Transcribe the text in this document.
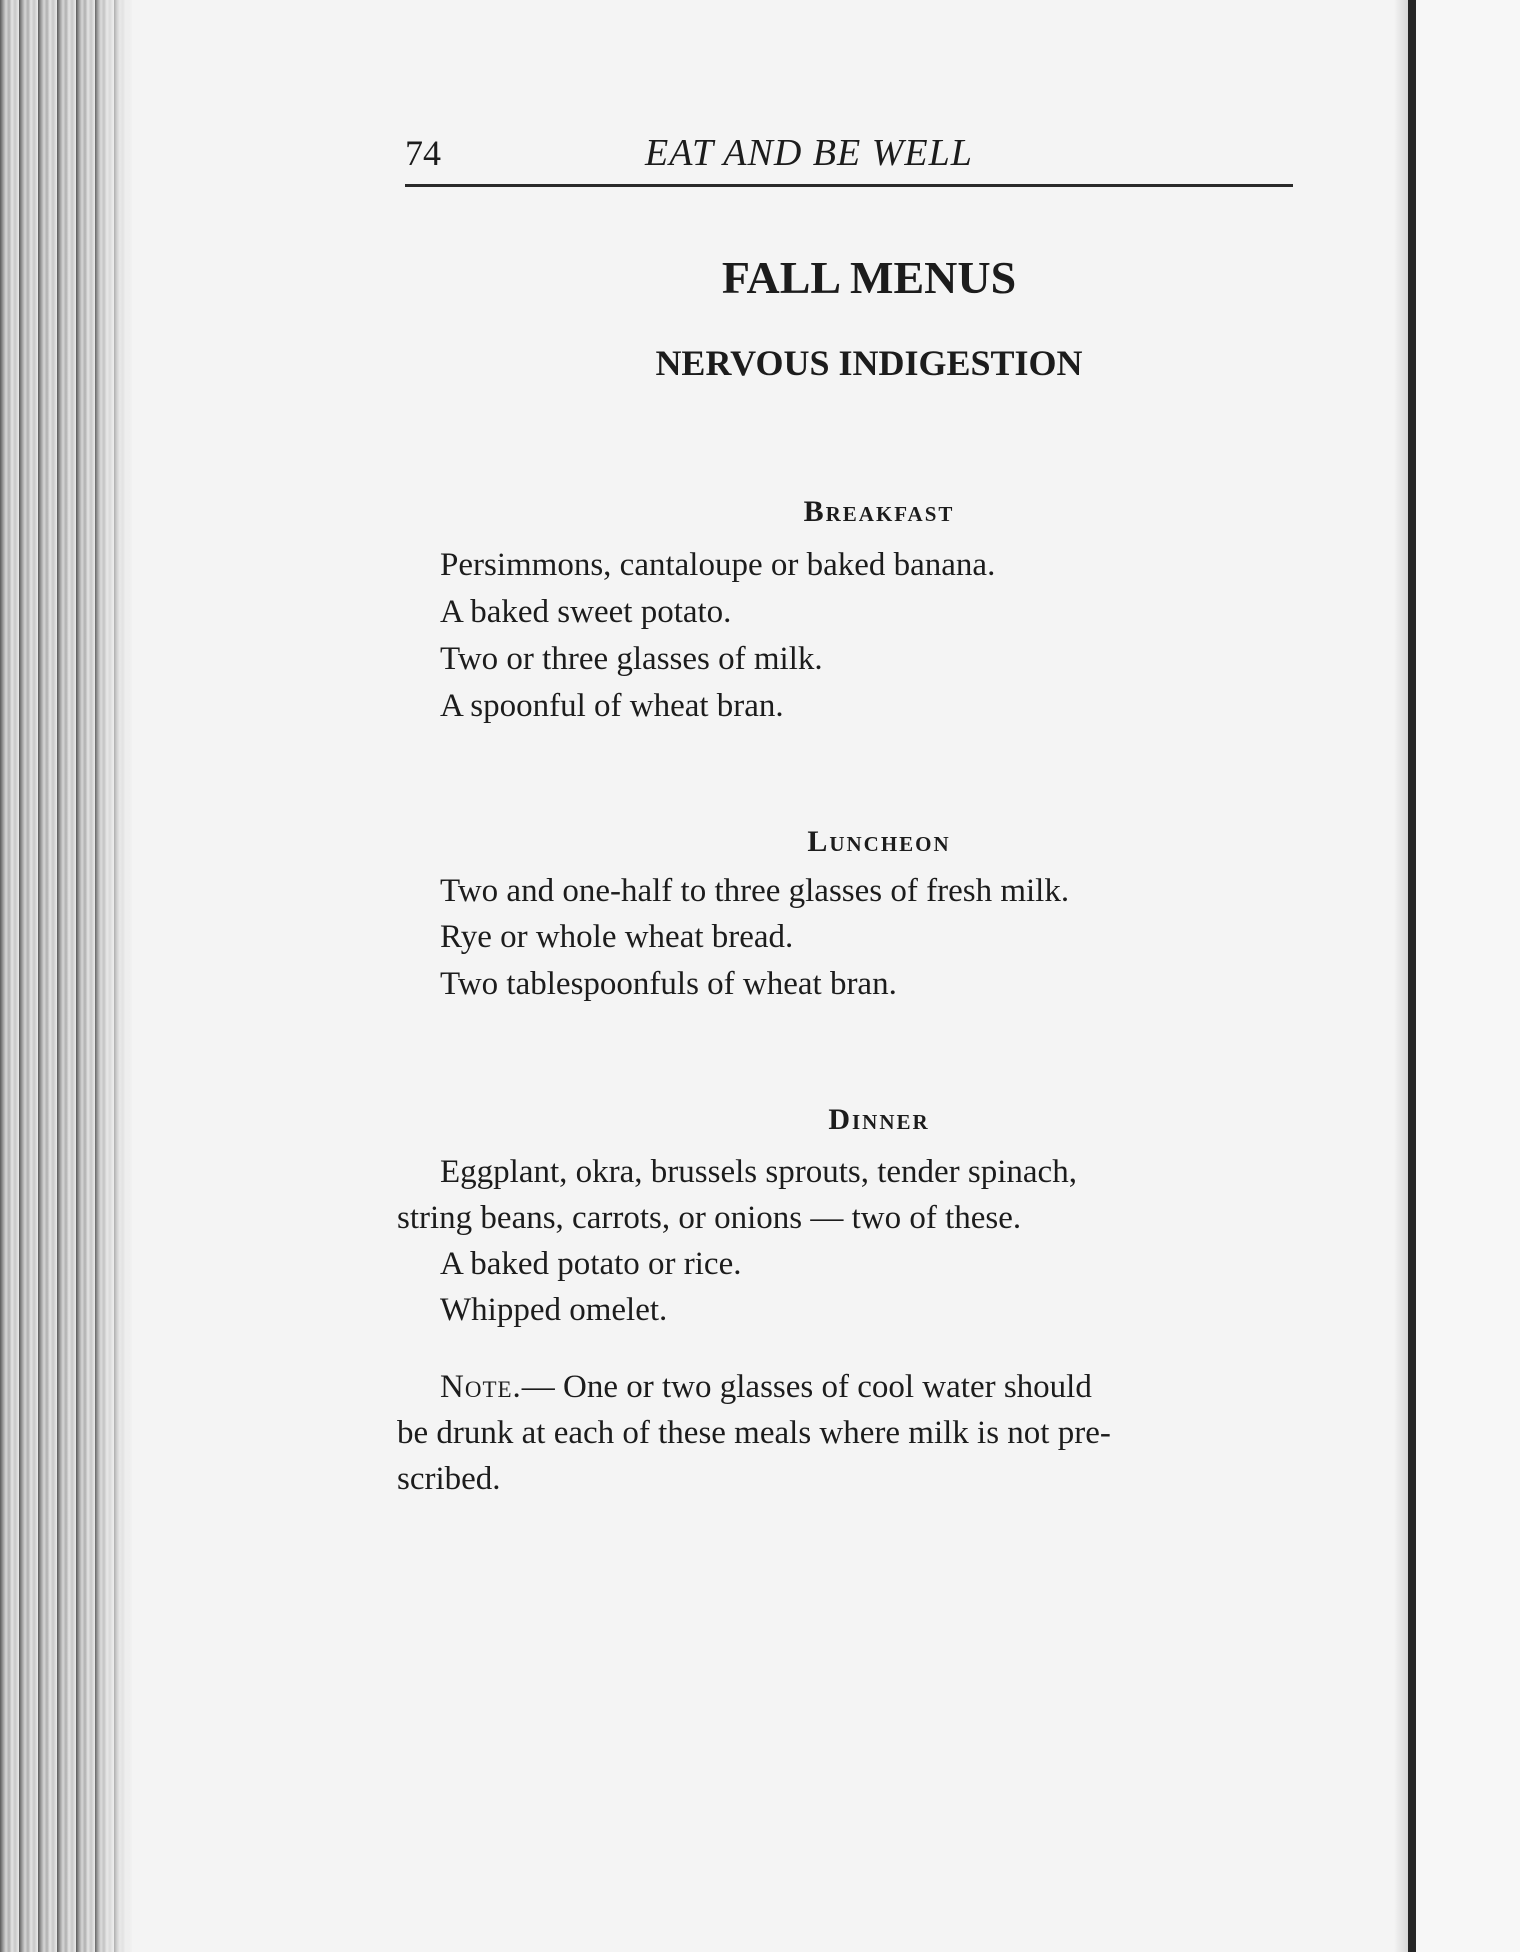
74	EAT AND BE WELL
FALL MENUS
NERVOUS INDIGESTION
Breakfast
Persimmons, cantaloupe or baked banana.
A baked sweet potato.
Two or three glasses of milk.
A spoonful of wheat bran.
Luncheon
Two and one-half to three glasses of fresh milk.
Rye or whole wheat bread.
Two tablespoonfuls of wheat bran.
Dinner
Eggplant, okra, brussels sprouts, tender spinach,
string beans, carrots, or onions — two of these.
A baked potato or rice.
Whipped omelet.
Note.— One or two glasses of cool water should
be drunk at each of these meals where milk is not pre-
scribed.
